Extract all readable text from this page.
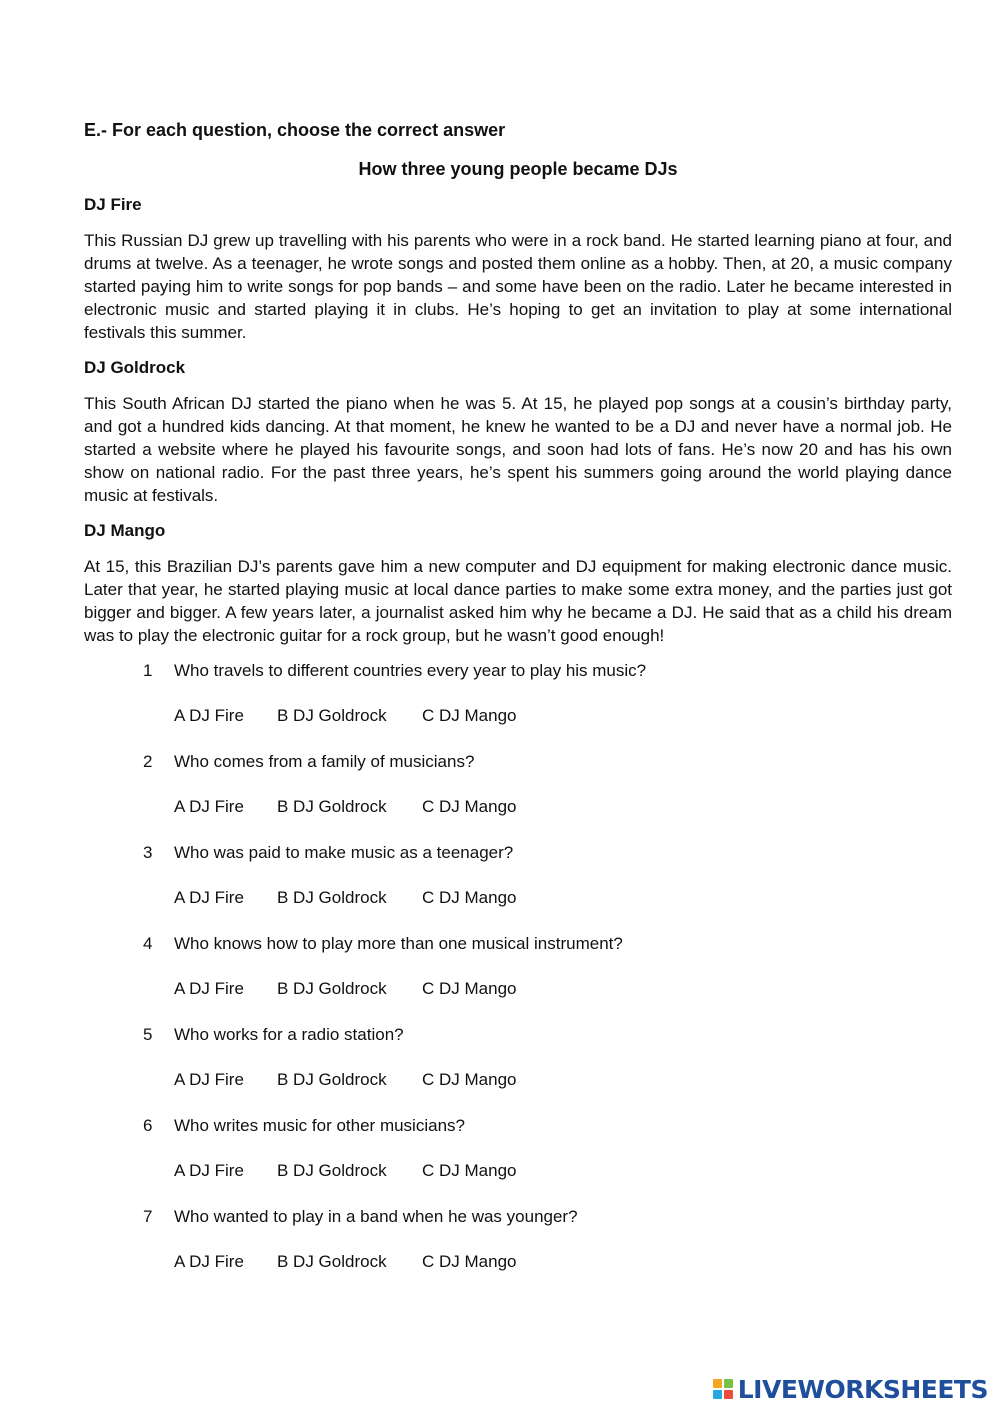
E.- For each question, choose the correct answer
How three young people became DJs
DJ Fire

This Russian DJ grew up travelling with his parents who were in a rock band. He started learning piano at four, and drums at twelve. As a teenager, he wrote songs and posted them online as a hobby. Then, at 20, a music company started paying him to write songs for pop bands – and some have been on the radio. Later he became interested in electronic music and started playing it in clubs. He’s hoping to get an invitation to play at some international festivals this summer.

DJ Goldrock

This South African DJ started the piano when he was 5. At 15, he played pop songs at a cousin’s birthday party, and got a hundred kids dancing. At that moment, he knew he wanted to be a DJ and never have a normal job. He started a website where he played his favourite songs, and soon had lots of fans. He’s now 20 and has his own show on national radio. For the past three years, he’s spent his summers going around the world playing dance music at festivals.

DJ Mango

At 15, this Brazilian DJ’s parents gave him a new computer and DJ equipment for making electronic dance music. Later that year, he started playing music at local dance parties to make some extra money, and the parties just got bigger and bigger. A few years later, a journalist asked him why he became a DJ. He said that as a child his dream was to play the electronic guitar for a rock group, but he wasn’t good enough!

1 Who travels to different countries every year to play his music?
A DJ Fire B DJ Goldrock C DJ Mango
2 Who comes from a family of musicians?
A DJ Fire B DJ Goldrock C DJ Mango
3 Who was paid to make music as a teenager?
A DJ Fire B DJ Goldrock C DJ Mango
4 Who knows how to play more than one musical instrument?
A DJ Fire B DJ Goldrock C DJ Mango
5 Who works for a radio station?
A DJ Fire B DJ Goldrock C DJ Mango
6 Who writes music for other musicians?
A DJ Fire B DJ Goldrock C DJ Mango
7 Who wanted to play in a band when he was younger?
A DJ Fire B DJ Goldrock C DJ Mango
LIVEWORKSHEETS
